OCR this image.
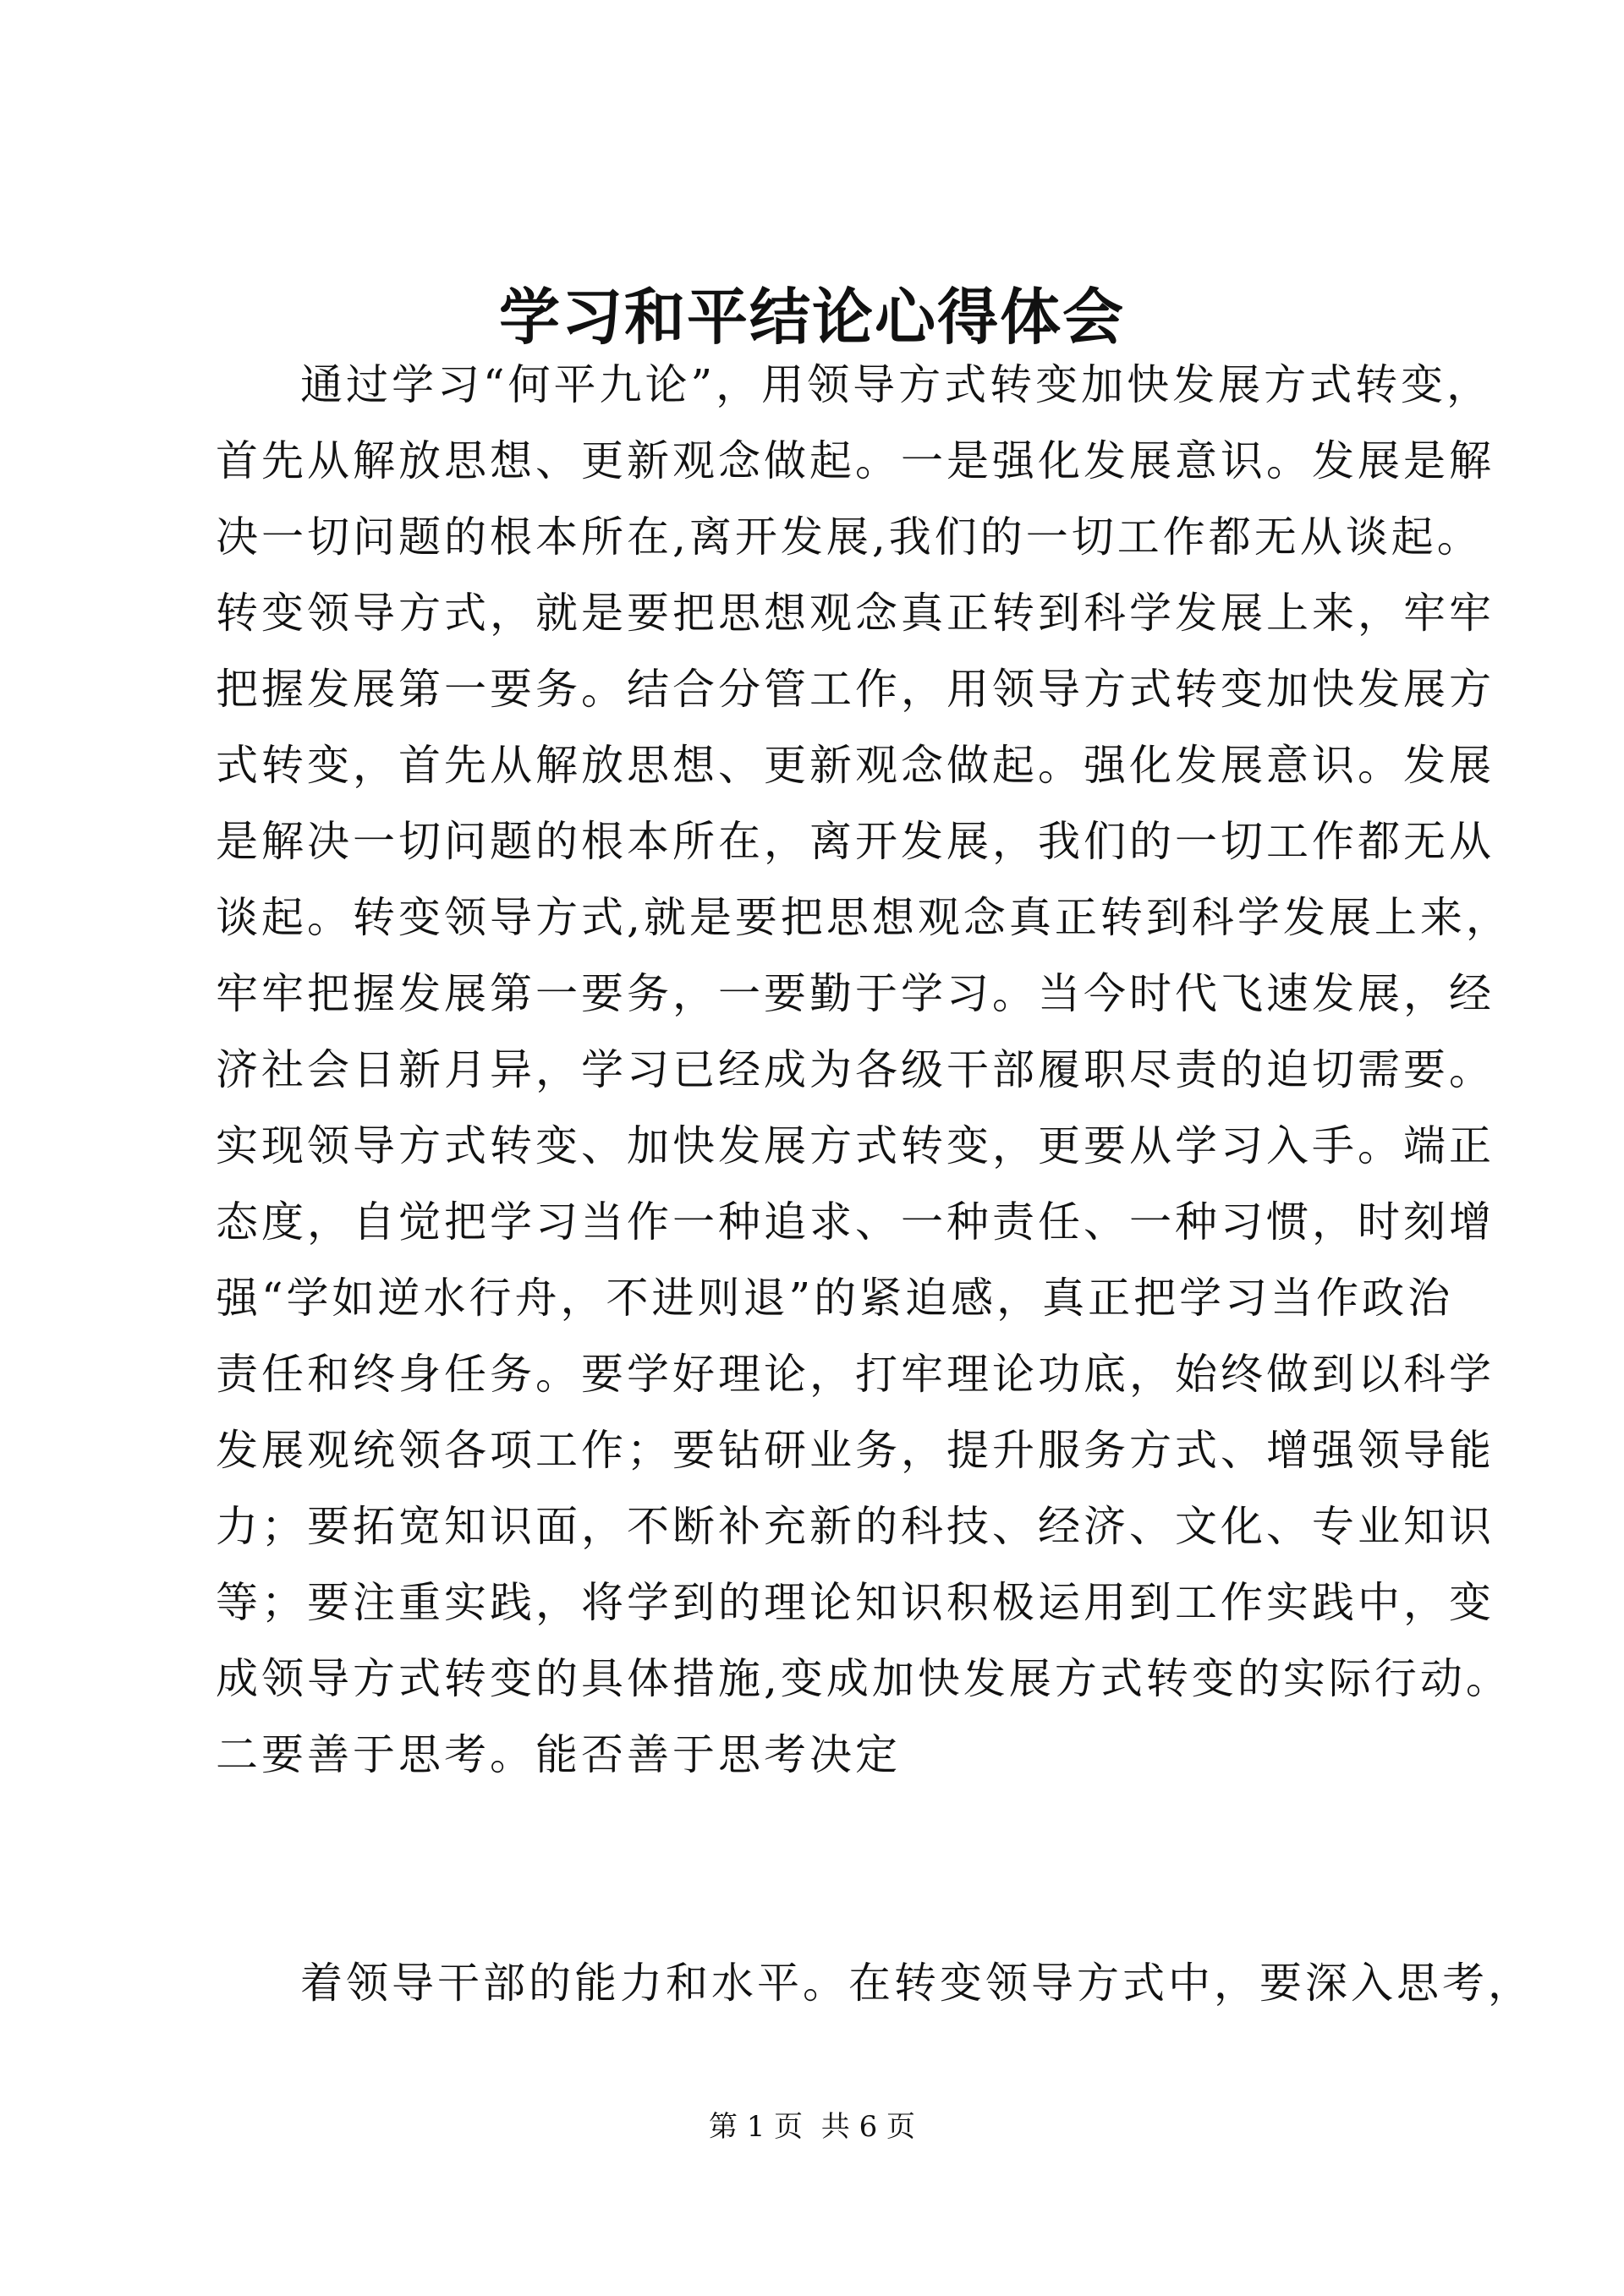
学习和平结论心得体会
通过学习“何平九论”，用领导方式转变加快发展方式转变，
首先从解放思想、更新观念做起。一是强化发展意识。发展是解
决一切问题的根本所在,离开发展,我们的一切工作都无从谈起。
转变领导方式，就是要把思想观念真正转到科学发展上来，牢牢
把握发展第一要务。结合分管工作，用领导方式转变加快发展方
式转变，首先从解放思想、更新观念做起。强化发展意识。发展
是解决一切问题的根本所在，离开发展，我们的一切工作都无从
谈起。转变领导方式,就是要把思想观念真正转到科学发展上来，
牢牢把握发展第一要务，一要勤于学习。当今时代飞速发展，经
济社会日新月异，学习已经成为各级干部履职尽责的迫切需要。
实现领导方式转变、加快发展方式转变，更要从学习入手。端正
态度，自觉把学习当作一种追求、一种责任、一种习惯，时刻增
强“学如逆水行舟，不进则退”的紧迫感，真正把学习当作政治
责任和终身任务。要学好理论，打牢理论功底，始终做到以科学
发展观统领各项工作；要钻研业务，提升服务方式、增强领导能
力；要拓宽知识面，不断补充新的科技、经济、文化、专业知识
等；要注重实践，将学到的理论知识积极运用到工作实践中，变
成领导方式转变的具体措施,变成加快发展方式转变的实际行动。
二要善于思考。能否善于思考决定
着领导干部的能力和水平。在转变领导方式中，要深入思考，
第 1 页  共 6 页
